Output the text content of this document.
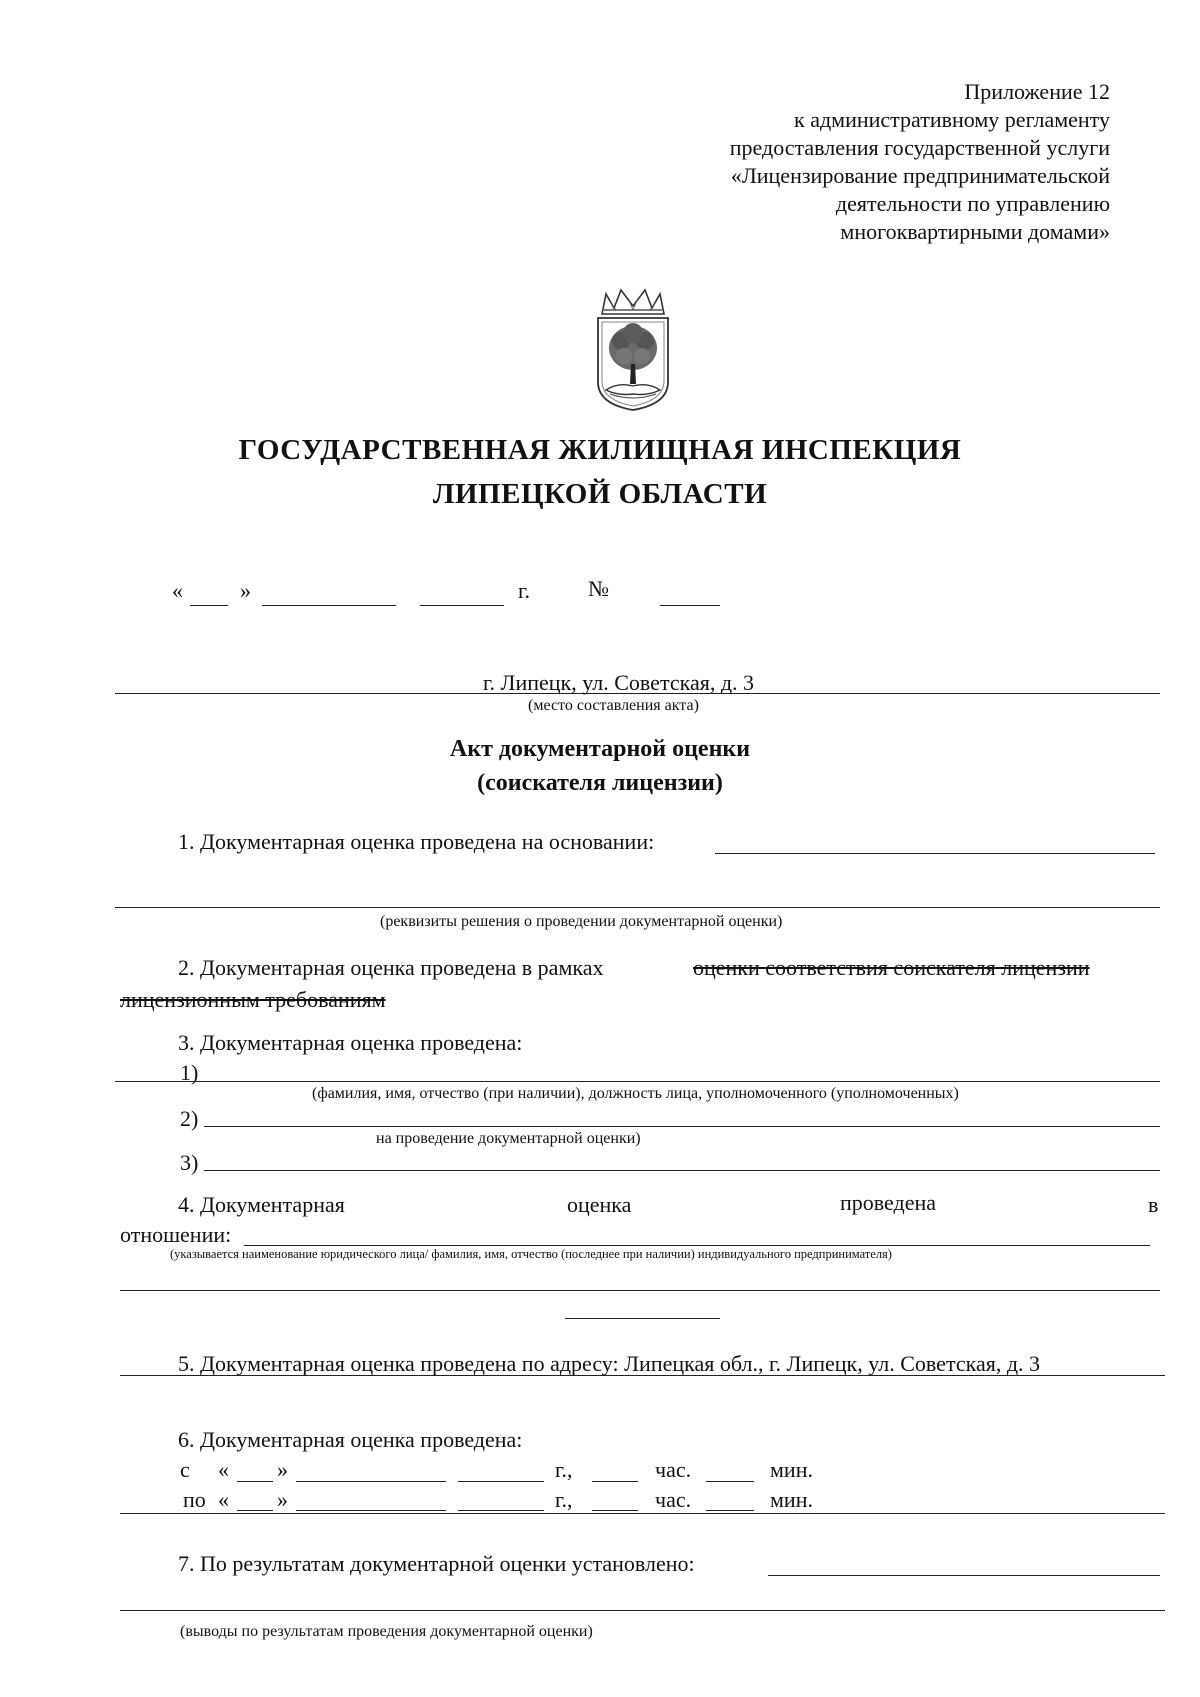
Приложение 12
к административному регламенту
предоставления государственной услуги
«Лицензирование предпринимательской
деятельности по управлению
многоквартирными домами»
ГОСУДАРСТВЕННАЯ ЖИЛИЩНАЯ ИНСПЕКЦИЯ
ЛИПЕЦКОЙ ОБЛАСТИ
«	»	г.	№
г. Липецк, ул. Советская, д. 3
(место составления акта)
Акт документарной оценки
(соискателя лицензии)
1. Документарная оценка проведена на основании:
(реквизиты решения о проведении документарной оценки)
2. Документарная оценка проведена в рамках	оценки соответствия соискателя лицензии
лицензионным требованиям
3. Документарная оценка проведена:
1)
(фамилия, имя, отчество (при наличии), должность лица, уполномоченного (уполномоченных)
2)
на проведение документарной оценки)
3)
4. Документарная	оценка	проведена	в
отношении:
(указывается наименование юридического лица/ фамилия, имя, отчество (последнее при наличии) индивидуального предпринимателя)
5. Документарная оценка проведена по адресу: Липецкая обл., г. Липецк, ул. Советская, д. 3
6. Документарная оценка проведена:
с « »	г.,	час.	мин.
по « »	г.,	час.	мин.
7. По результатам документарной оценки установлено:
(выводы по результатам проведения документарной оценки)
